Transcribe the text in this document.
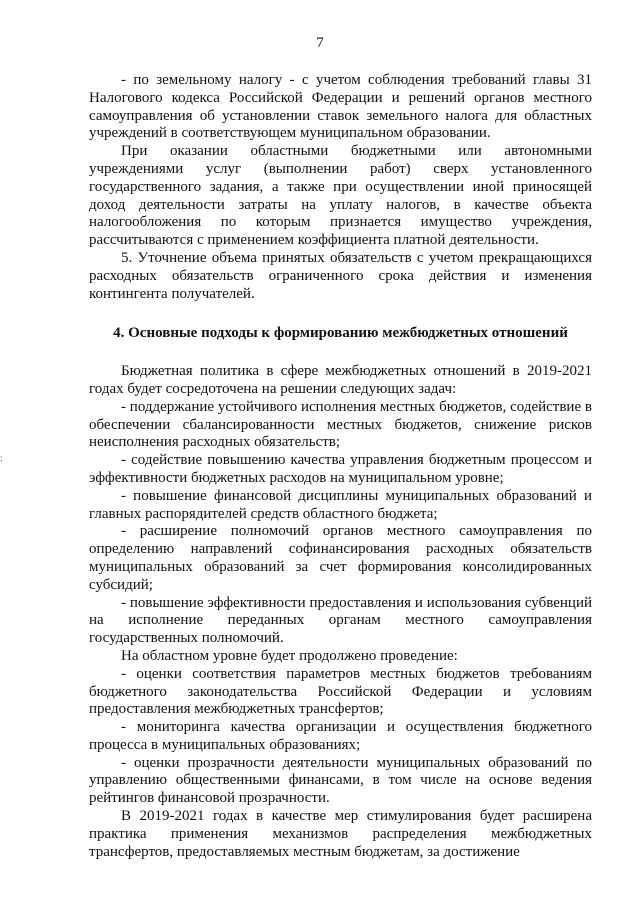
7
:

- по земельному налогу - с учетом соблюдения требований главы 31 Налогового кодекса Российской Федерации и решений органов местного самоуправления об установлении ставок земельного налога для областных учреждений в соответствующем муниципальном образовании.

При оказании областными бюджетными или автономными учреждениями услуг (выполнении работ) сверх установленного государственного задания, а также при осуществлении иной приносящей доход деятельности затраты на уплату налогов, в качестве объекта налогообложения по которым признается имущество учреждения, рассчитываются с применением коэффициента платной деятельности.

5. Уточнение объема принятых обязательств с учетом прекращающихся расходных обязательств ограниченного срока действия и изменения контингента получателей.

4. Основные подходы к формированию межбюджетных отношений

Бюджетная политика в сфере межбюджетных отношений в 2019-2021 годах будет сосредоточена на решении следующих задач:

- поддержание устойчивого исполнения местных бюджетов, содействие в обеспечении сбалансированности местных бюджетов, снижение рисков неисполнения расходных обязательств;

- содействие повышению качества управления бюджетным процессом и эффективности бюджетных расходов на муниципальном уровне;

- повышение финансовой дисциплины муниципальных образований и главных распорядителей средств областного бюджета;

- расширение полномочий органов местного самоуправления по определению направлений софинансирования расходных обязательств муниципальных образований за счет формирования консолидированных субсидий;

- повышение эффективности предоставления и использования субвенций на исполнение переданных органам местного самоуправления государственных полномочий.

На областном уровне будет продолжено проведение:

- оценки соответствия параметров местных бюджетов требованиям бюджетного законодательства Российской Федерации и условиям предоставления межбюджетных трансфертов;

- мониторинга качества организации и осуществления бюджетного процесса в муниципальных образованиях;

- оценки прозрачности деятельности муниципальных образований по управлению общественными финансами, в том числе на основе ведения рейтингов финансовой прозрачности.

В 2019-2021 годах в качестве мер стимулирования будет расширена практика применения механизмов распределения межбюджетных трансфертов, предоставляемых местным бюджетам, за достижение
